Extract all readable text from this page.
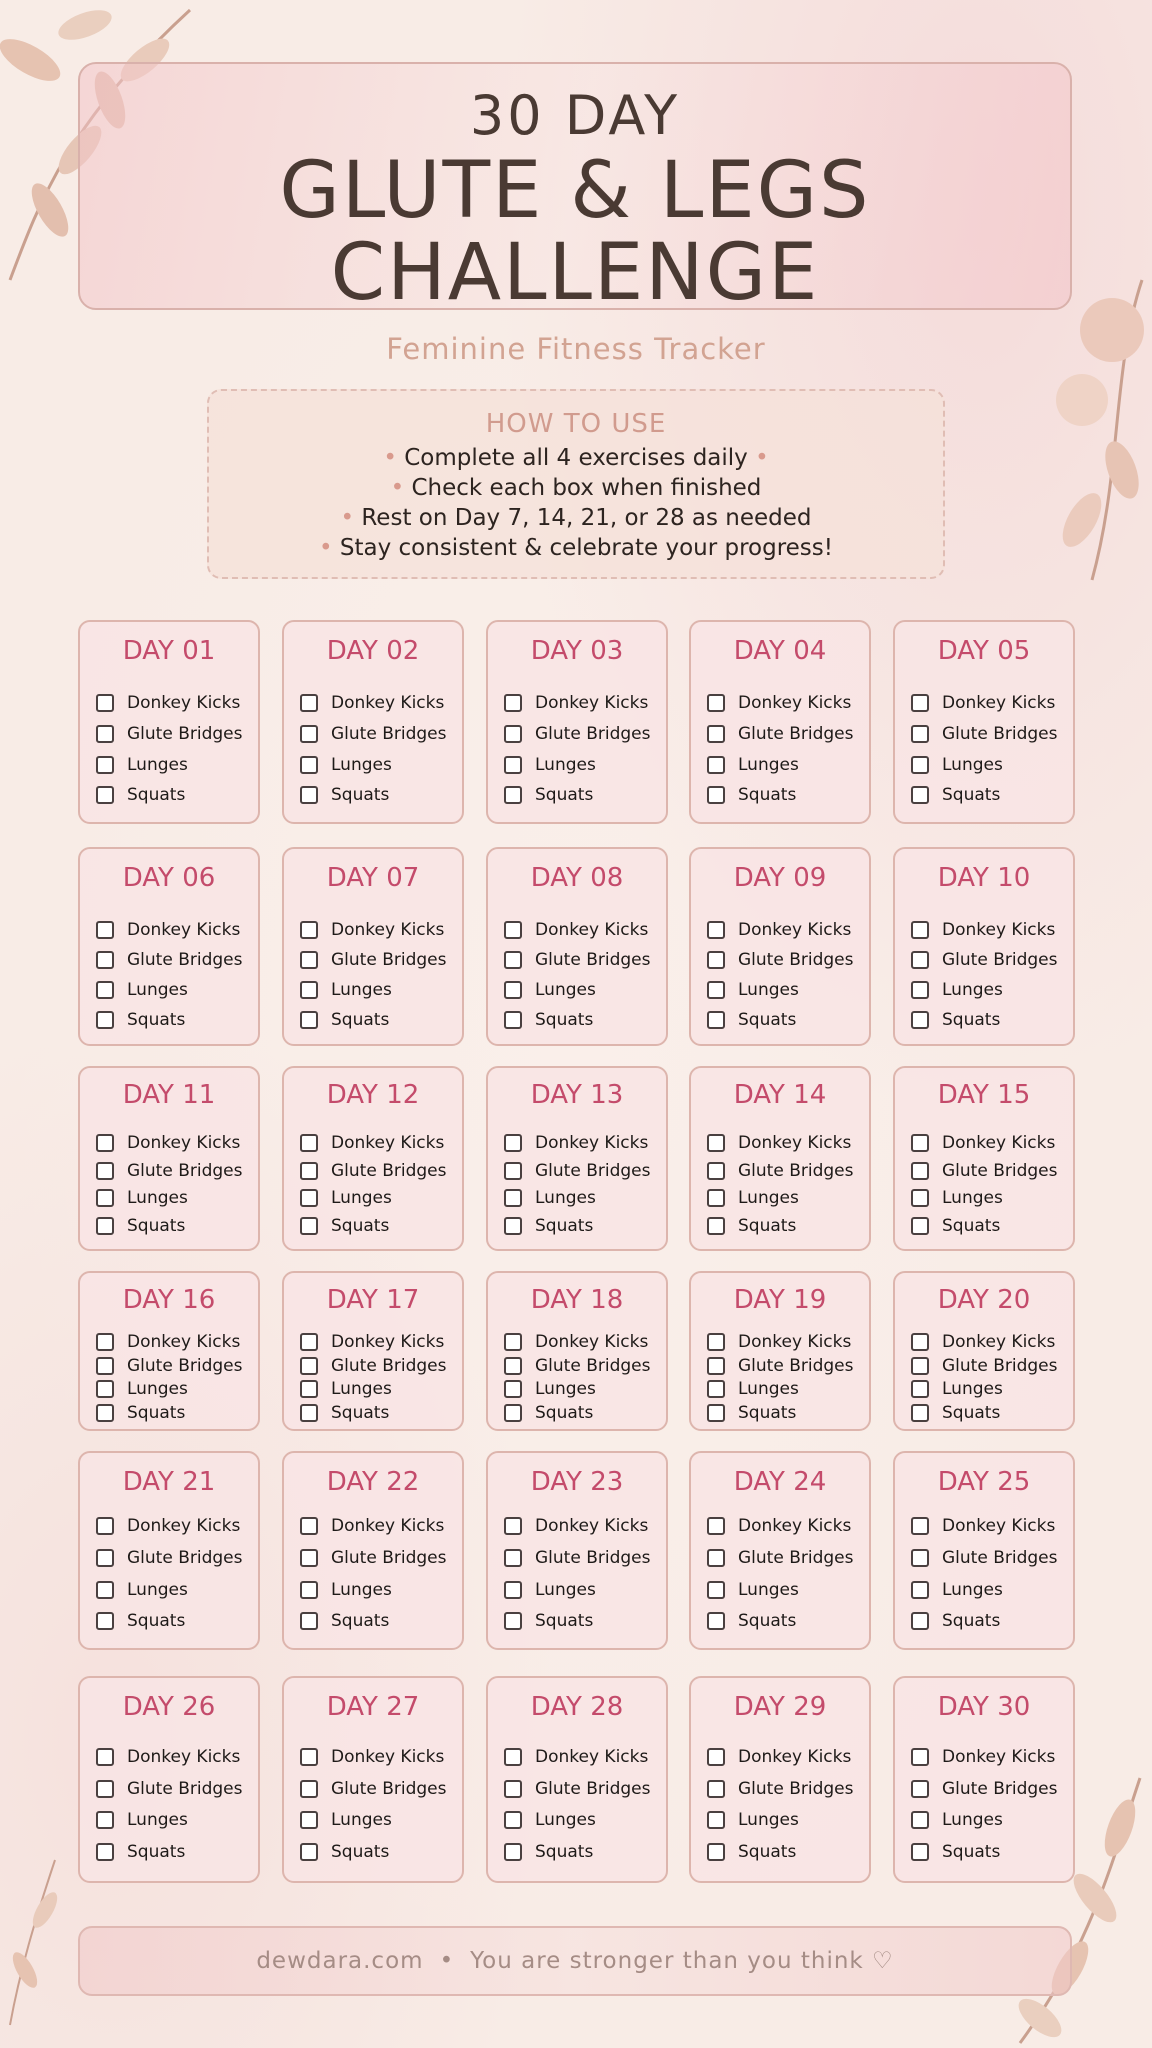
30 DAY
GLUTE & LEGS
CHALLENGE
Feminine Fitness Tracker
HOW TO USE
• Complete all 4 exercises daily •
• Check each box when finished
• Rest on Day 7, 14, 21, or 28 as needed
• Stay consistent & celebrate your progress!
DAY 01
Donkey Kicks
Glute Bridges
Lunges
Squats
DAY 02
Donkey Kicks
Glute Bridges
Lunges
Squats
DAY 03
Donkey Kicks
Glute Bridges
Lunges
Squats
DAY 04
Donkey Kicks
Glute Bridges
Lunges
Squats
DAY 05
Donkey Kicks
Glute Bridges
Lunges
Squats
DAY 06
Donkey Kicks
Glute Bridges
Lunges
Squats
DAY 07
Donkey Kicks
Glute Bridges
Lunges
Squats
DAY 08
Donkey Kicks
Glute Bridges
Lunges
Squats
DAY 09
Donkey Kicks
Glute Bridges
Lunges
Squats
DAY 10
Donkey Kicks
Glute Bridges
Lunges
Squats
DAY 11
Donkey Kicks
Glute Bridges
Lunges
Squats
DAY 12
Donkey Kicks
Glute Bridges
Lunges
Squats
DAY 13
Donkey Kicks
Glute Bridges
Lunges
Squats
DAY 14
Donkey Kicks
Glute Bridges
Lunges
Squats
DAY 15
Donkey Kicks
Glute Bridges
Lunges
Squats
DAY 16
Donkey Kicks
Glute Bridges
Lunges
Squats
DAY 17
Donkey Kicks
Glute Bridges
Lunges
Squats
DAY 18
Donkey Kicks
Glute Bridges
Lunges
Squats
DAY 19
Donkey Kicks
Glute Bridges
Lunges
Squats
DAY 20
Donkey Kicks
Glute Bridges
Lunges
Squats
DAY 21
Donkey Kicks
Glute Bridges
Lunges
Squats
DAY 22
Donkey Kicks
Glute Bridges
Lunges
Squats
DAY 23
Donkey Kicks
Glute Bridges
Lunges
Squats
DAY 24
Donkey Kicks
Glute Bridges
Lunges
Squats
DAY 25
Donkey Kicks
Glute Bridges
Lunges
Squats
DAY 26
Donkey Kicks
Glute Bridges
Lunges
Squats
DAY 27
Donkey Kicks
Glute Bridges
Lunges
Squats
DAY 28
Donkey Kicks
Glute Bridges
Lunges
Squats
DAY 29
Donkey Kicks
Glute Bridges
Lunges
Squats
DAY 30
Donkey Kicks
Glute Bridges
Lunges
Squats
dewdara.com • You are stronger than you think ♡
